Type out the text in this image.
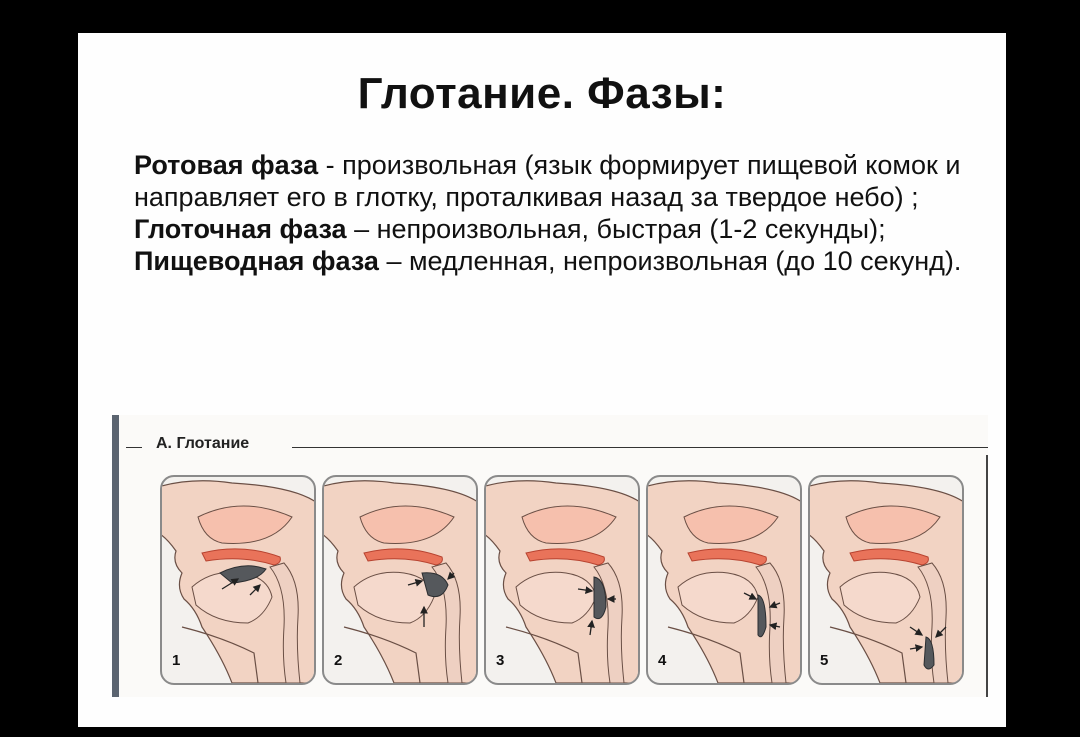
Глотание. Фазы:
Ротовая фаза - произвольная (язык формирует пищевой комок и направляет его в глотку, проталкивая назад за твердое небо) ;
Глоточная фаза – непроизвольная, быстрая (1-2 секунды);
Пищеводная фаза – медленная, непроизвольная (до 10 секунд).
А. Глотание
1	2	3	4	5
